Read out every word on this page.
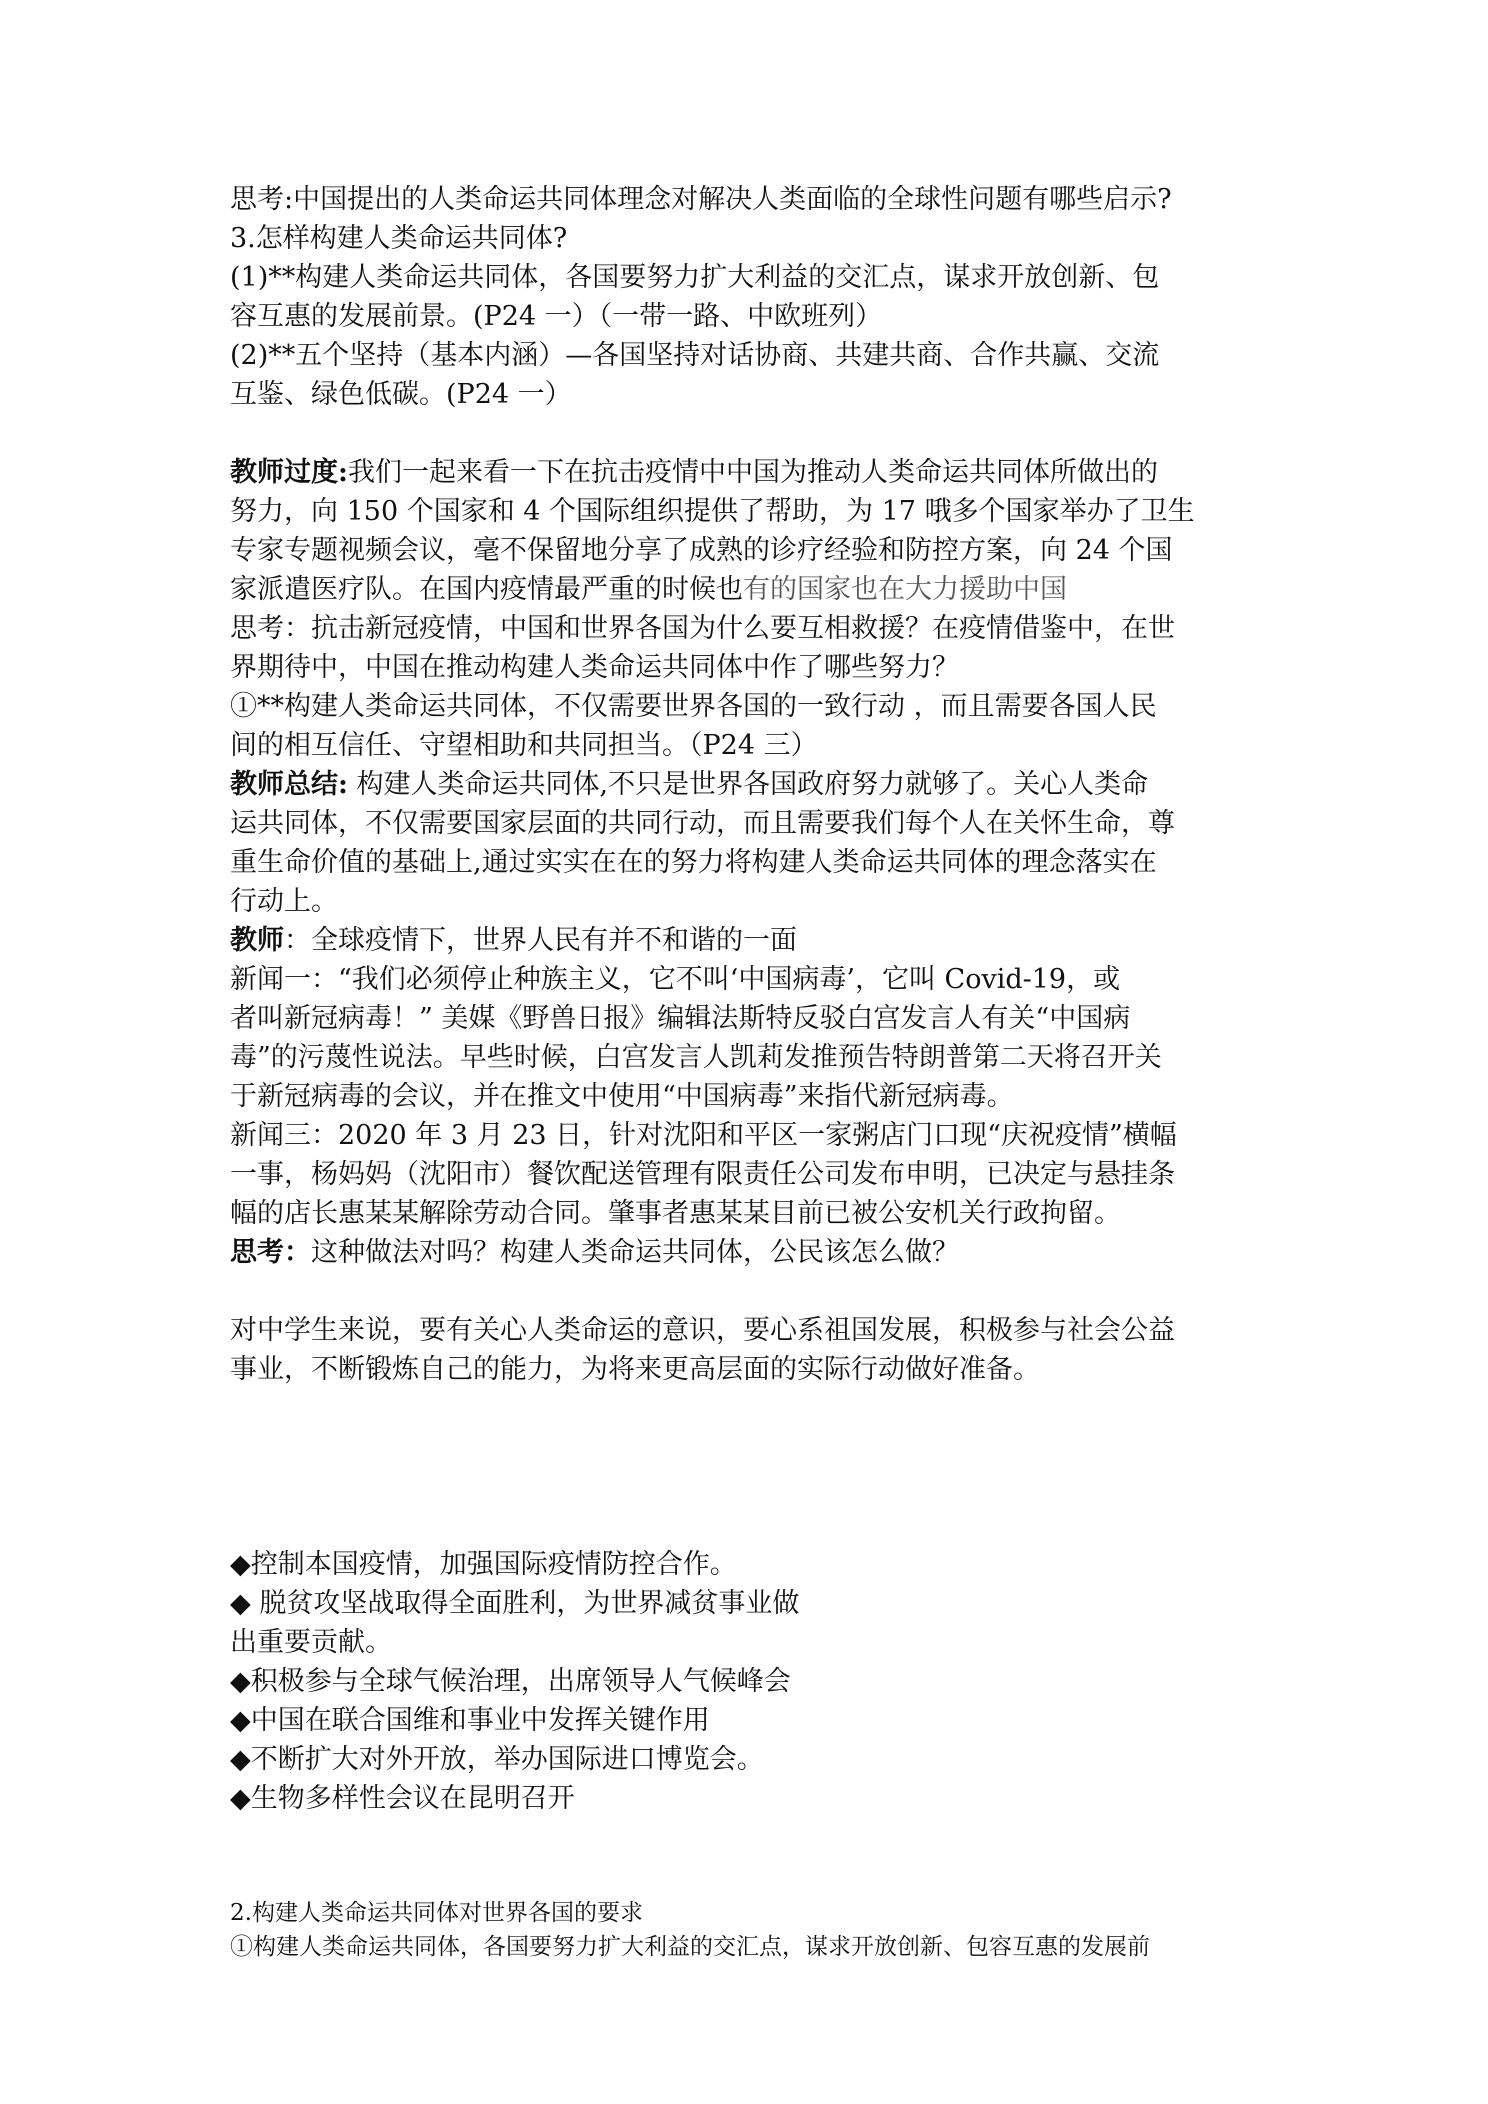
思考:中国提出的人类命运共同体理念对解决人类面临的全球性问题有哪些启示?

3.怎样构建人类命运共同体?

(1)**构建人类命运共同体，各国要努力扩大利益的交汇点，谋求开放创新、包

容互惠的发展前景。(P24 一）（一带一路、中欧班列）

(2)**五个坚持（基本内涵）—各国坚持对话协商、共建共商、合作共赢、交流

互鉴、绿色低碳。(P24 一）

教师过度:我们一起来看一下在抗击疫情中中国为推动人类命运共同体所做出的

努力，向 150 个国家和 4 个国际组织提供了帮助，为 17 哦多个国家举办了卫生

专家专题视频会议，毫不保留地分享了成熟的诊疗经验和防控方案，向 24 个国

家派遣医疗队。在国内疫情最严重的时候也有的国家也在大力援助中国

思考：抗击新冠疫情，中国和世界各国为什么要互相救援？在疫情借鉴中，在世

界期待中，中国在推动构建人类命运共同体中作了哪些努力？

①**构建人类命运共同体，不仅需要世界各国的一致行动 ，而且需要各国人民

间的相互信任、守望相助和共同担当。（P24 三）

教师总结: 构建人类命运共同体,不只是世界各国政府努力就够了。关心人类命

运共同体，不仅需要国家层面的共同行动，而且需要我们每个人在关怀生命，尊

重生命价值的基础上,通过实实在在的努力将构建人类命运共同体的理念落实在

行动上。

教师：全球疫情下，世界人民有并不和谐的一面

新闻一：“我们必须停止种族主义，它不叫‘中国病毒’，它叫 Covid-19，或

者叫新冠病毒！” 美媒《野兽日报》编辑法斯特反驳白宫发言人有关“中国病

毒”的污蔑性说法。早些时候，白宫发言人凯莉发推预告特朗普第二天将召开关

于新冠病毒的会议，并在推文中使用“中国病毒”来指代新冠病毒。

新闻三：2020 年 3 月 23 日，针对沈阳和平区一家粥店门口现“庆祝疫情”横幅

一事，杨妈妈（沈阳市）餐饮配送管理有限责任公司发布申明，已决定与悬挂条

幅的店长惠某某解除劳动合同。肇事者惠某某目前已被公安机关行政拘留。

思考：这种做法对吗？构建人类命运共同体，公民该怎么做？

对中学生来说，要有关心人类命运的意识，要心系祖国发展，积极参与社会公益

事业，不断锻炼自己的能力，为将来更高层面的实际行动做好准备。

◆控制本国疫情，加强国际疫情防控合作。

◆ 脱贫攻坚战取得全面胜利，为世界减贫事业做

出重要贡献。

◆积极参与全球气候治理，出席领导人气候峰会

◆中国在联合国维和事业中发挥关键作用

◆不断扩大对外开放，举办国际进口博览会。

◆生物多样性会议在昆明召开

2.构建人类命运共同体对世界各国的要求

①构建人类命运共同体，各国要努力扩大利益的交汇点，谋求开放创新、包容互惠的发展前
